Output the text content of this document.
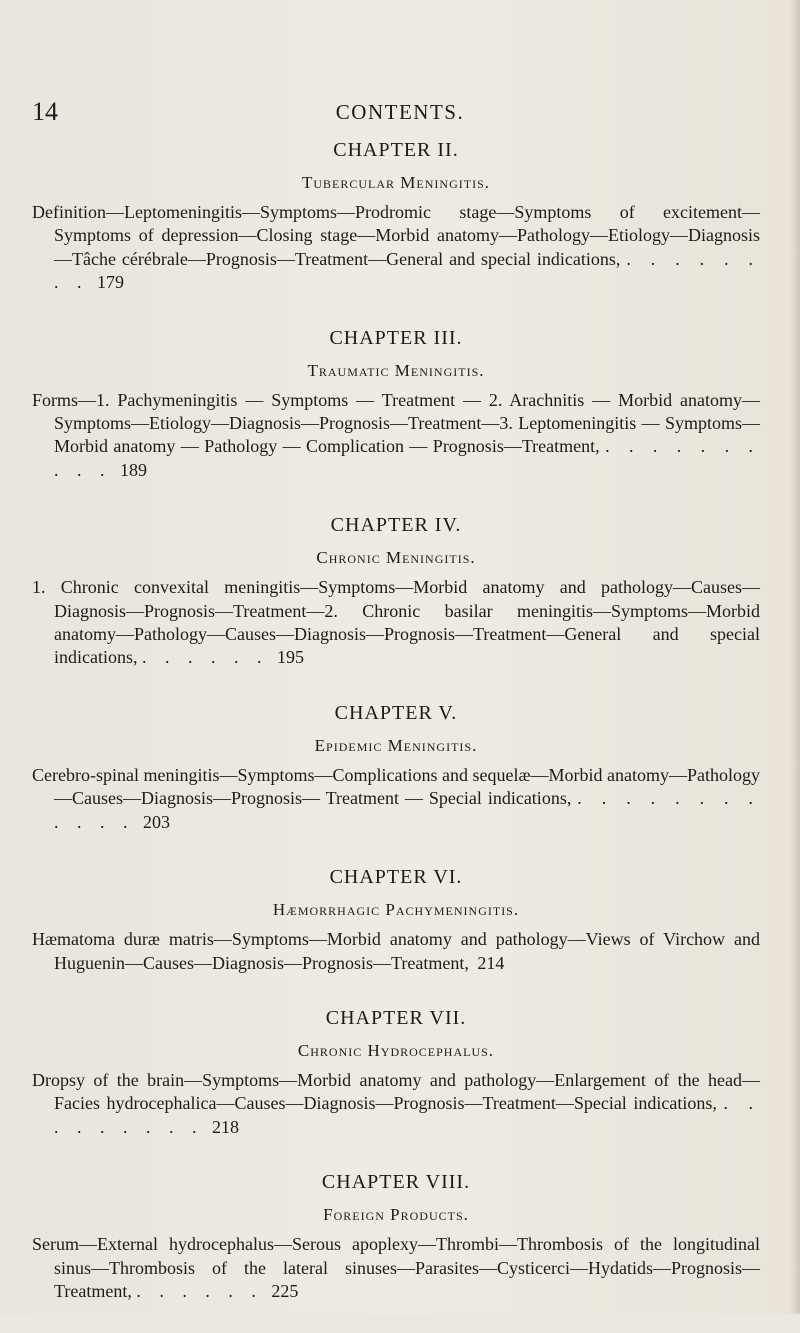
14	CONTENTS.
CHAPTER II.
Tubercular Meningitis.

Definition—Leptomeningitis—Symptoms—Prodromic stage—Symptoms of excitement—Symptoms of depression—Closing stage—Morbid anatomy—Pathology—Etiology—Diagnosis—Tâche cérébrale—Prognosis—Treatment—General and special indications, . . . . . . . . 179

CHAPTER III.
Traumatic Meningitis.

Forms—1. Pachymeningitis — Symptoms — Treatment — 2. Arachnitis — Morbid anatomy—Symptoms—Etiology—Diagnosis—Prognosis—Treatment—3. Leptomeningitis — Symptoms—Morbid anatomy — Pathology — Complication — Prognosis—Treatment, . . . . . . . . . . 189

CHAPTER IV.
Chronic Meningitis.

1. Chronic convexital meningitis—Symptoms—Morbid anatomy and pathology—Causes—Diagnosis—Prognosis—Treatment—2. Chronic basilar meningitis—Symptoms—Morbid anatomy—Pathology—Causes—Diagnosis—Prognosis—Treatment—General and special indications, . . . . . . 195

CHAPTER V.
Epidemic Meningitis.

Cerebro-spinal meningitis—Symptoms—Complications and sequelæ—Morbid anatomy—Pathology—Causes—Diagnosis—Prognosis— Treatment — Special indications, . . . . . . . . . . . . 203

CHAPTER VI.
Hæmorrhagic Pachymeningitis.

Hæmatoma duræ matris—Symptoms—Morbid anatomy and pathology—Views of Virchow and Huguenin—Causes—Diagnosis—Prognosis—Treatment, 214

CHAPTER VII.
Chronic Hydrocephalus.

Dropsy of the brain—Symptoms—Morbid anatomy and pathology—Enlargement of the head—Facies hydrocephalica—Causes—Diagnosis—Prognosis—Treatment—Special indications, . . . . . . . . . 218

CHAPTER VIII.
Foreign Products.

Serum—External hydrocephalus—Serous apoplexy—Thrombi—Thrombosis of the longitudinal sinus—Thrombosis of the lateral sinuses—Parasites—Cysticerci—Hydatids—Prognosis—Treatment, . . . . . . 225
